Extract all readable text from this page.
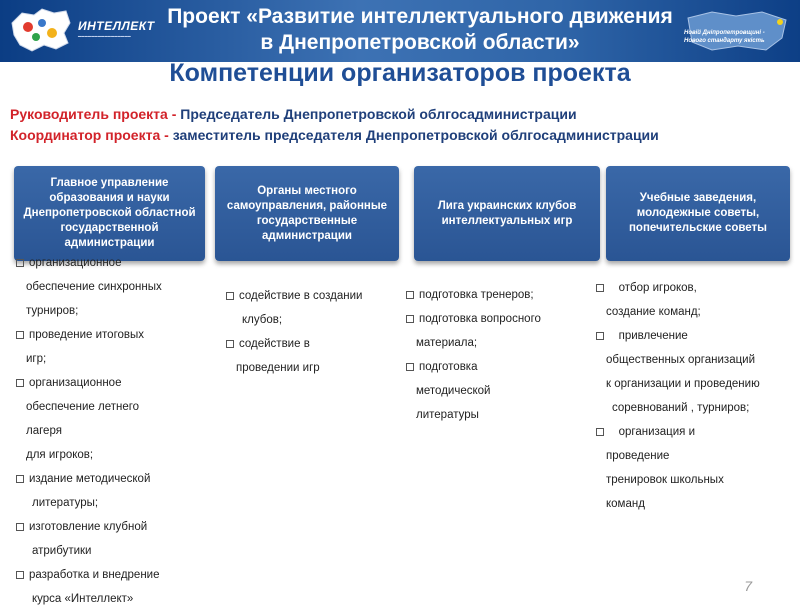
ИНТЕЛЛЕКТ
━━━━━━━━━━━━━━━━
Проект «Развитие интеллектуального движения
в Днепропетровской области»	Новій Дніпропетровщині -
Нового стандарту якість
Компетенции организаторов проекта
Руководитель проекта - Председатель Днепропетровской облгосадминистрации
Координатор проекта - заместитель председателя Днепропетровской облгосадминистрации
Главное управление образования и науки Днепропетровской областной государственной администрации
Органы местного самоуправления, районные государственные администрации
Лига украинских клубов интеллектуальных игр
Учебные заведения, молодежные советы, попечительские советы
организационное
обеспечение синхронных
турниров;
проведение итоговых
игр;
организационное
обеспечение летнего
лагеря
для игроков;
издание методической
литературы;
изготовление клубной
атрибутики
разработка и внедрение
курса «Интеллект»
содействие в создании
клубов;
содействие в
проведении игр
подготовка тренеров;
подготовка вопросного
материала;
подготовка
методической
литературы

отбор игроков,
создание команд;

привлечение
общественных организаций
к организации и проведению
соревнований , турниров;

организация и
проведение
тренировок школьных
команд
7
